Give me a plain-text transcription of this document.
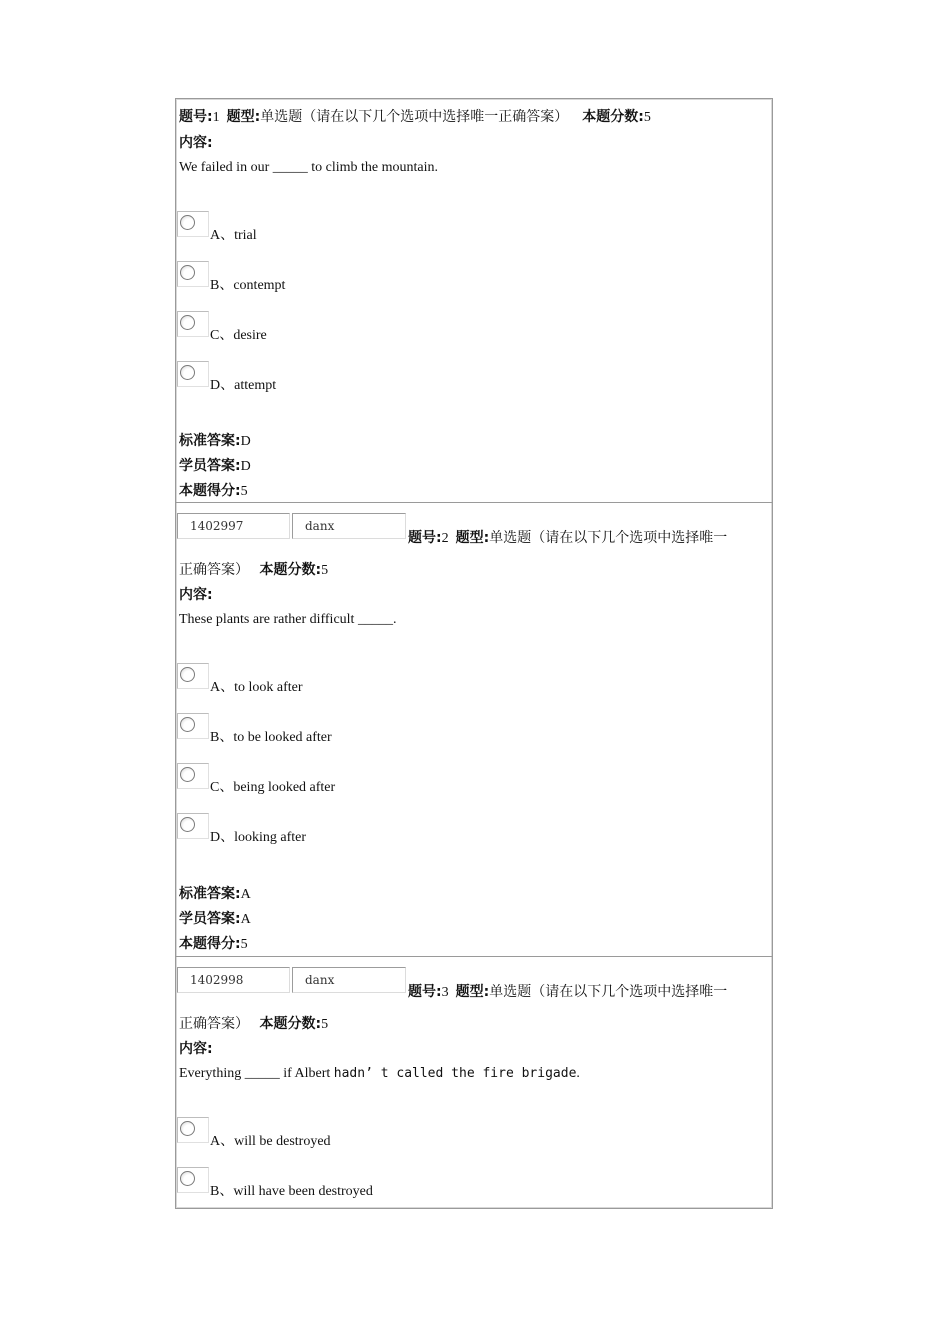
题号:1 题型:单选题（请在以下几个选项中选择唯一正确答案） 本题分数:5
内容:
We failed in our _____ to climb the mountain.
A、trial
B、contempt
C、desire
D、attempt
标准答案:D
学员答案:D
本题得分:5
1402997	danx
题号:2 题型:单选题（请在以下几个选项中选择唯一
正确答案） 本题分数:5
内容:
These plants are rather difficult _____.
A、to look after
B、to be looked after
C、being looked after
D、looking after
标准答案:A
学员答案:A
本题得分:5
1402998	danx
题号:3 题型:单选题（请在以下几个选项中选择唯一
正确答案） 本题分数:5
内容:
Everything _____ if Albert hadn’ t called the fire brigade.
A、will be destroyed
B、will have been destroyed
